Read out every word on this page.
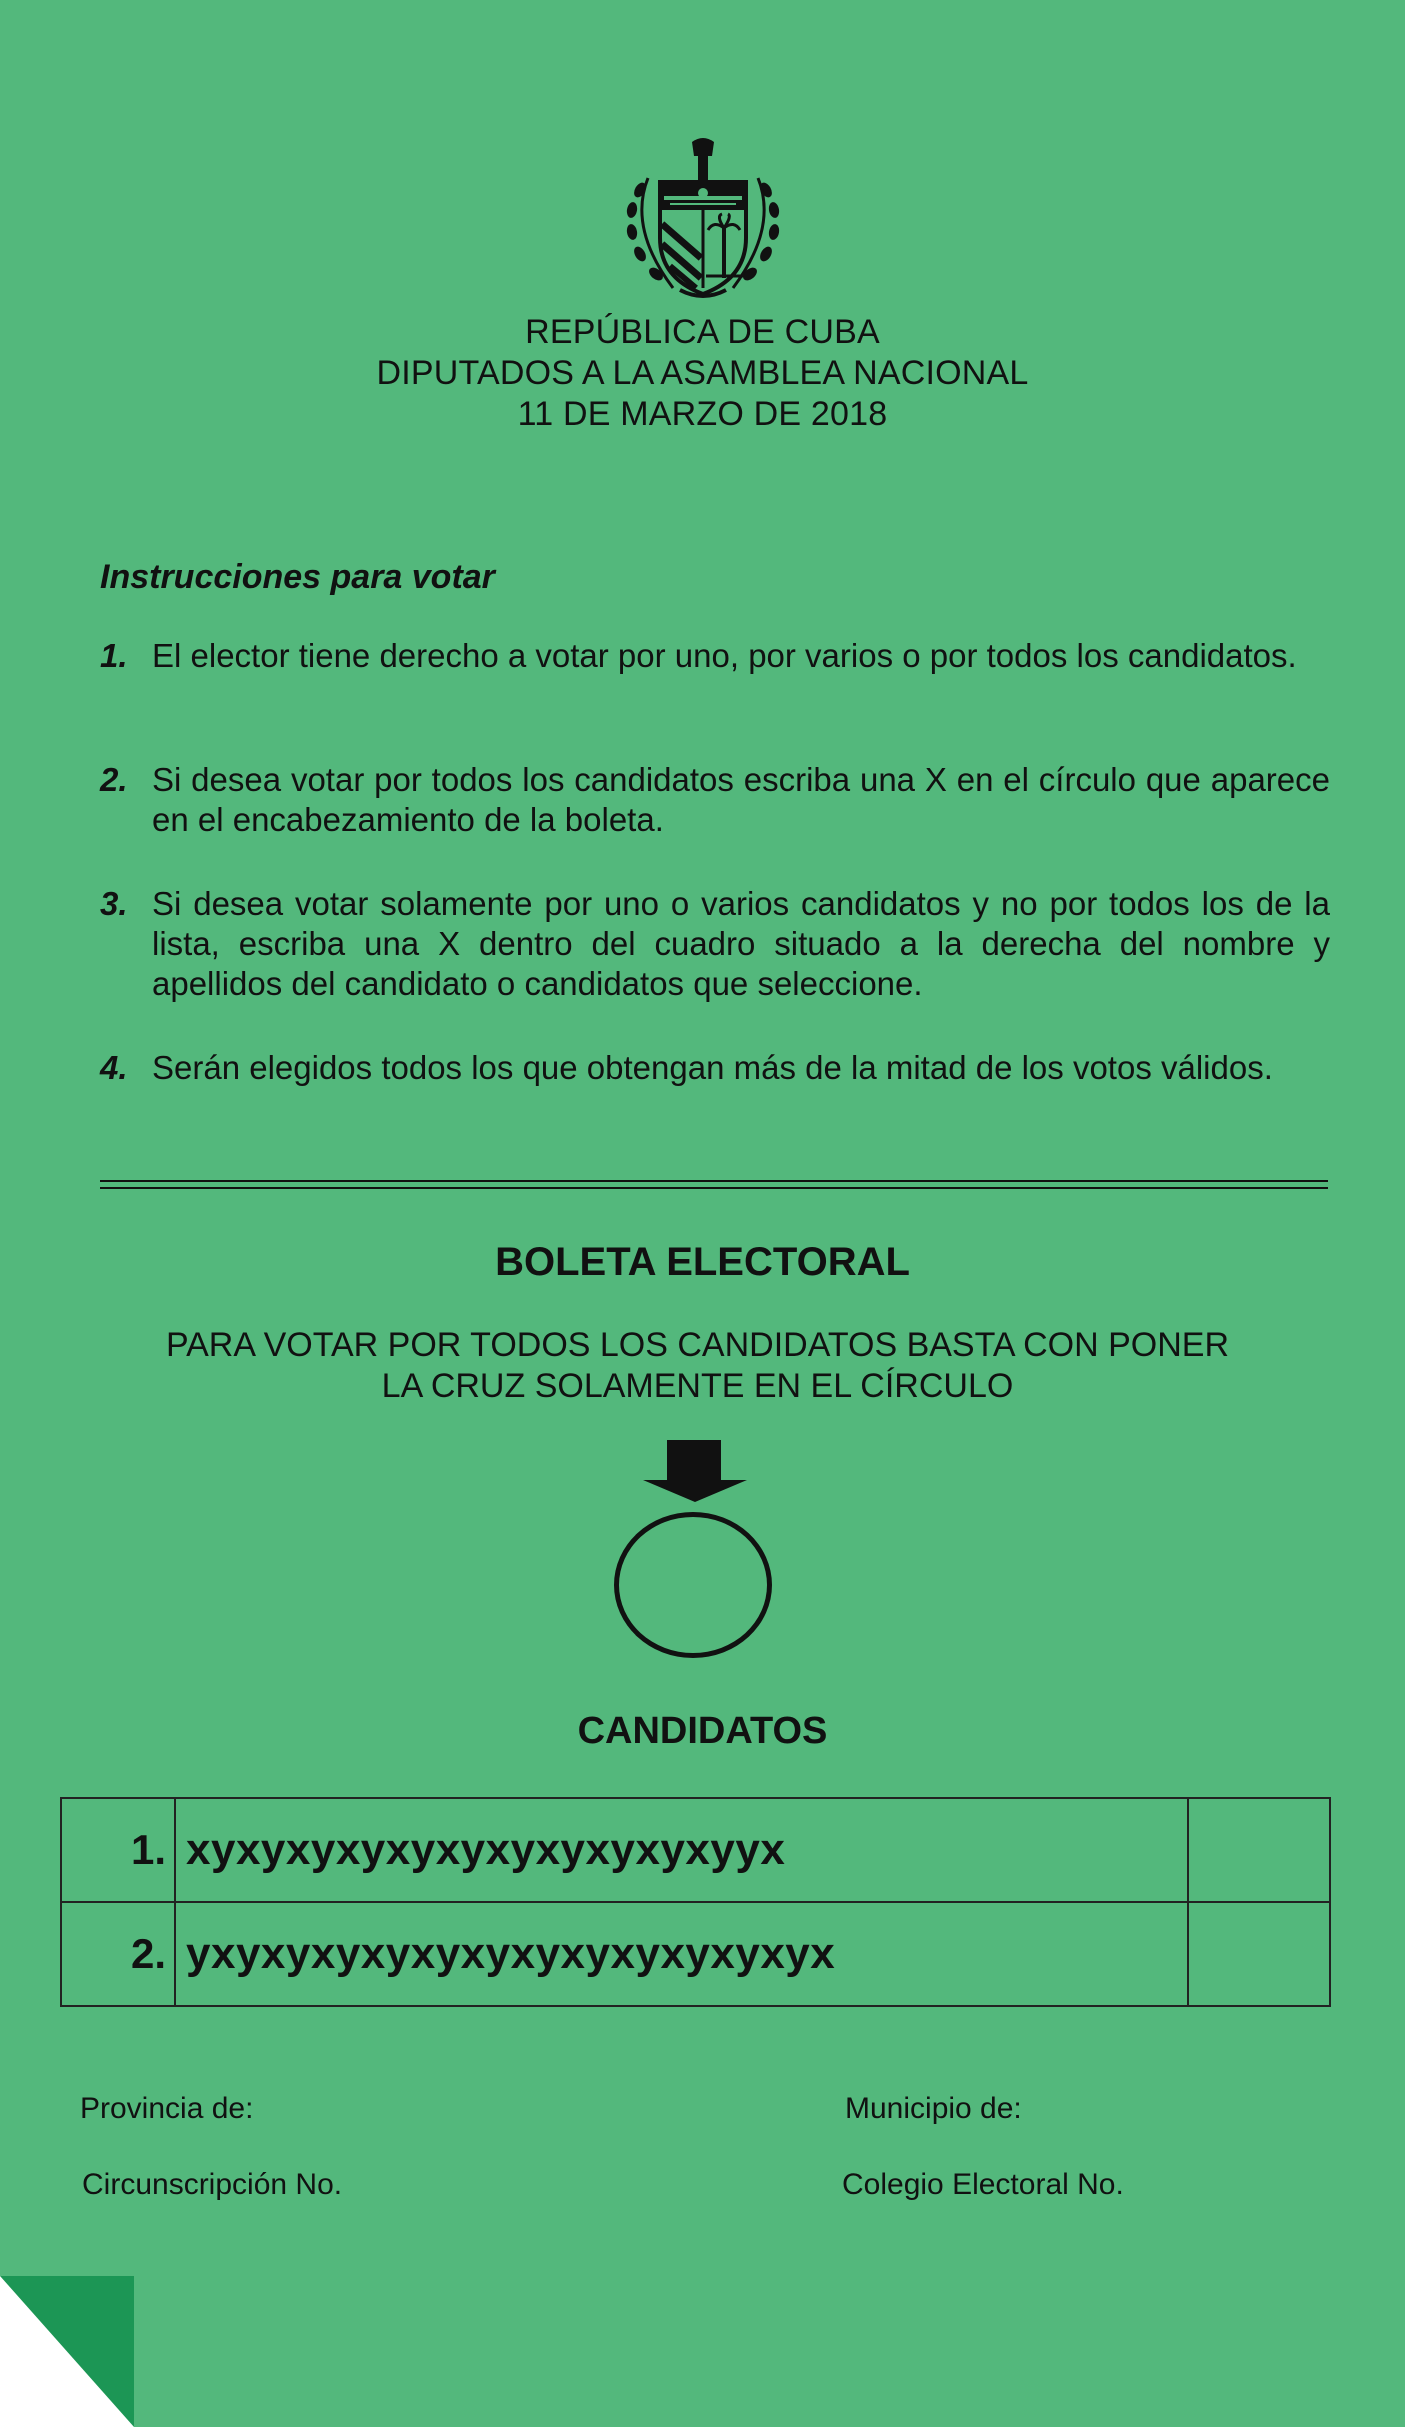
REPÚBLICA DE CUBA
DIPUTADOS A LA ASAMBLEA NACIONAL
11 DE MARZO DE 2018
Instrucciones para votar
1. El elector tiene derecho a votar por uno, por varios o por todos los candidatos.
2. Si desea votar por todos los candidatos escriba una X en el círculo que aparece en el encabezamiento de la boleta.
3. Si desea votar solamente por uno o varios candidatos y no por todos los de la lista, escriba una X dentro del cuadro situado a la derecha del nombre y apellidos del candidato o candidatos que seleccione.
4. Serán elegidos todos los que obtengan más de la mitad de los votos válidos.
BOLETA ELECTORAL
PARA VOTAR POR TODOS LOS CANDIDATOS BASTA CON PONER
LA CRUZ SOLAMENTE EN EL CÍRCULO
CANDIDATOS
1.	xyxyxyxyxyxyxyxyxyxyxyyx	
2.	yxyxyxyxyxyxyxyxyxyxyxyxyx	
Provincia de:	Municipio de:
Circunscripción No.	Colegio Electoral No.
